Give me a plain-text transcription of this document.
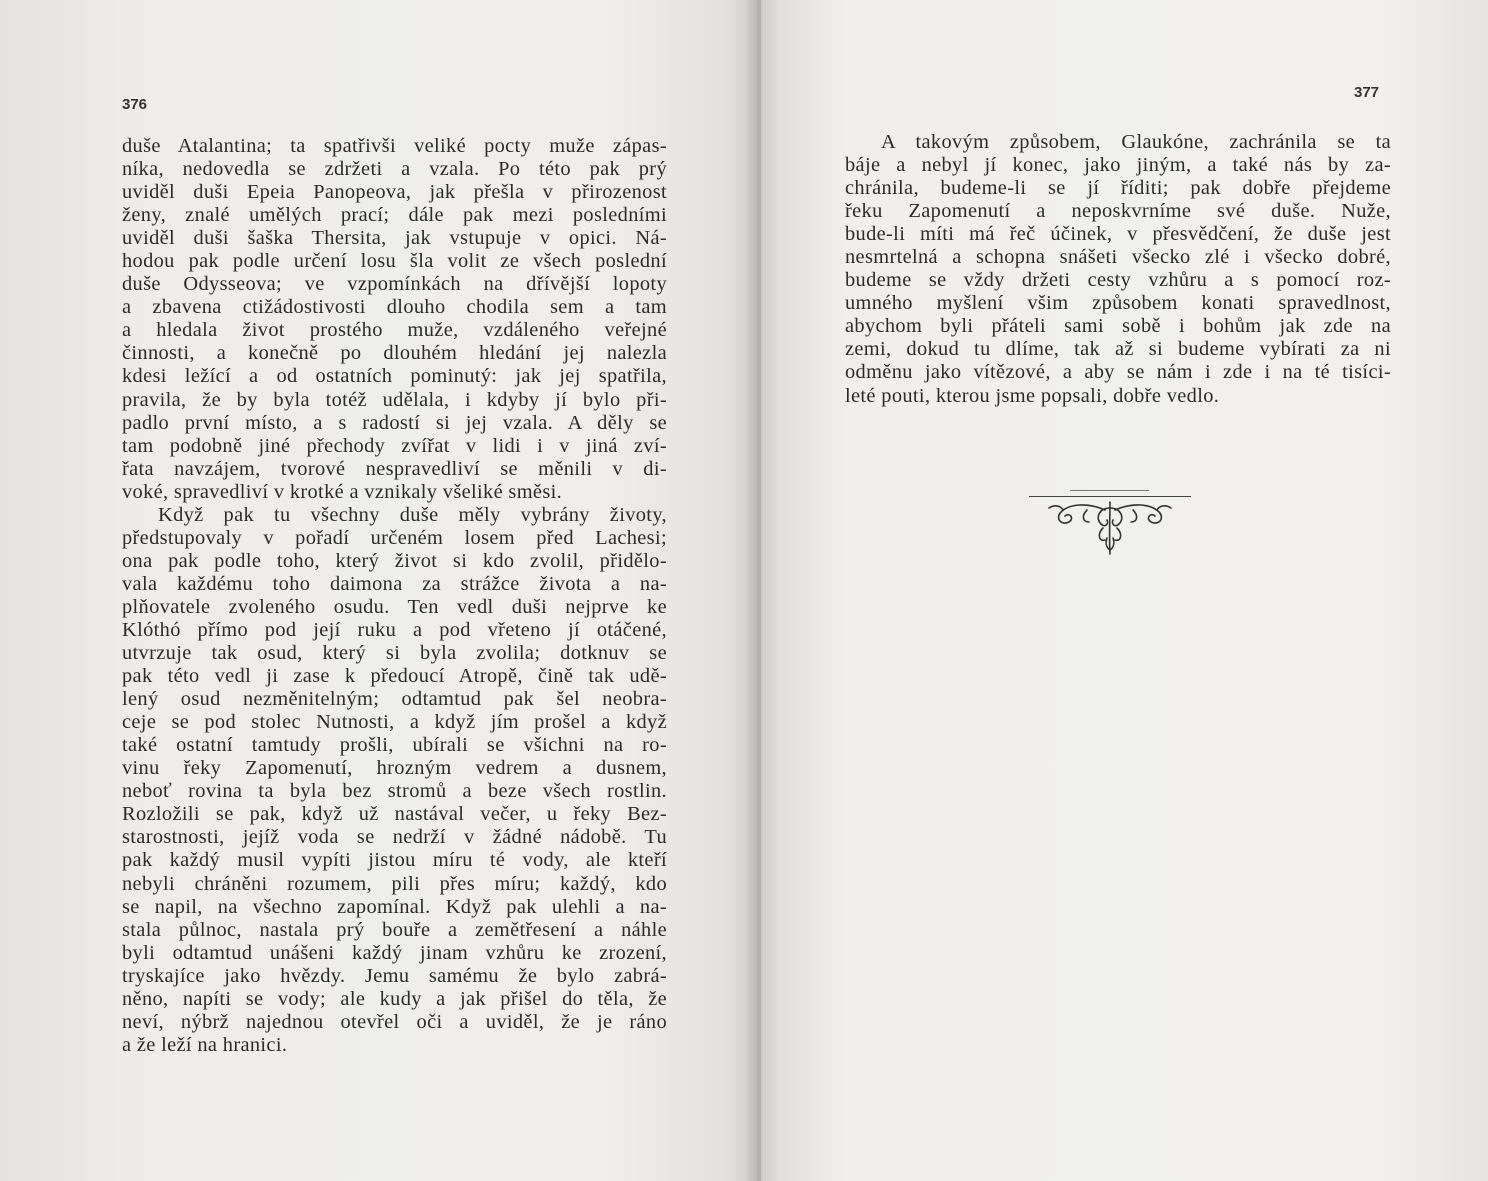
376
duše Atalantina; ta spatřivši veliké pocty muže zápas-
níka, nedovedla se zdržeti a vzala. Po této pak prý
uviděl duši Epeia Panopeova, jak přešla v přirozenost
ženy, znalé umělých prací; dále pak mezi posledními
uviděl duši šaška Thersita, jak vstupuje v opici. Ná-
hodou pak podle určení losu šla volit ze všech poslední
duše Odysseova; ve vzpomínkách na dřívější lopoty
a zbavena ctižádostivosti dlouho chodila sem a tam
a hledala život prostého muže, vzdáleného veřejné
činnosti, a konečně po dlouhém hledání jej nalezla
kdesi ležící a od ostatních pominutý: jak jej spatřila,
pravila, že by byla totéž udělala, i kdyby jí bylo při-
padlo první místo, a s radostí si jej vzala. A děly se
tam podobně jiné přechody zvířat v lidi i v jiná zví-
řata navzájem, tvorové nespravedliví se měnili v di-
voké, spravedliví v krotké a vznikaly všeliké směsi.
Když pak tu všechny duše měly vybrány životy,
předstupovaly v pořadí určeném losem před Lachesi;
ona pak podle toho, který život si kdo zvolil, přidělo-
vala každému toho daimona za strážce života a na-
plňovatele zvoleného osudu. Ten vedl duši nejprve ke
Klóthó přímo pod její ruku a pod vřeteno jí otáčené,
utvrzuje tak osud, který si byla zvolila; dotknuv se
pak této vedl ji zase k předoucí Atropě, čině tak udě-
lený osud nezměnitelným; odtamtud pak šel neobra-
ceje se pod stolec Nutnosti, a když jím prošel a když
také ostatní tamtudy prošli, ubírali se všichni na ro-
vinu řeky Zapomenutí, hrozným vedrem a dusnem,
neboť rovina ta byla bez stromů a beze všech rostlin.
Rozložili se pak, když už nastával večer, u řeky Bez-
starostnosti, jejíž voda se nedrží v žádné nádobě. Tu
pak každý musil vypíti jistou míru té vody, ale kteří
nebyli chráněni rozumem, pili přes míru; každý, kdo
se napil, na všechno zapomínal. Když pak ulehli a na-
stala půlnoc, nastala prý bouře a zemětřesení a náhle
byli odtamtud unášeni každý jinam vzhůru ke zrození,
tryskajíce jako hvězdy. Jemu samému že bylo zabrá-
něno, napíti se vody; ale kudy a jak přišel do těla, že
neví, nýbrž najednou otevřel oči a uviděl, že je ráno
a že leží na hranici.
377
A takovým způsobem, Glaukóne, zachránila se ta
báje a nebyl jí konec, jako jiným, a také nás by za-
chránila, budeme-li se jí říditi; pak dobře přejdeme
řeku Zapomenutí a neposkvrníme své duše. Nuže,
bude-li míti má řeč účinek, v přesvědčení, že duše jest
nesmrtelná a schopna snášeti všecko zlé i všecko dobré,
budeme se vždy držeti cesty vzhůru a s pomocí roz-
umného myšlení všim způsobem konati spravedlnost,
abychom byli přáteli sami sobě i bohům jak zde na
zemi, dokud tu dlíme, tak až si budeme vybírati za ni
odměnu jako vítězové, a aby se nám i zde i na té tisíci-
leté pouti, kterou jsme popsali, dobře vedlo.
